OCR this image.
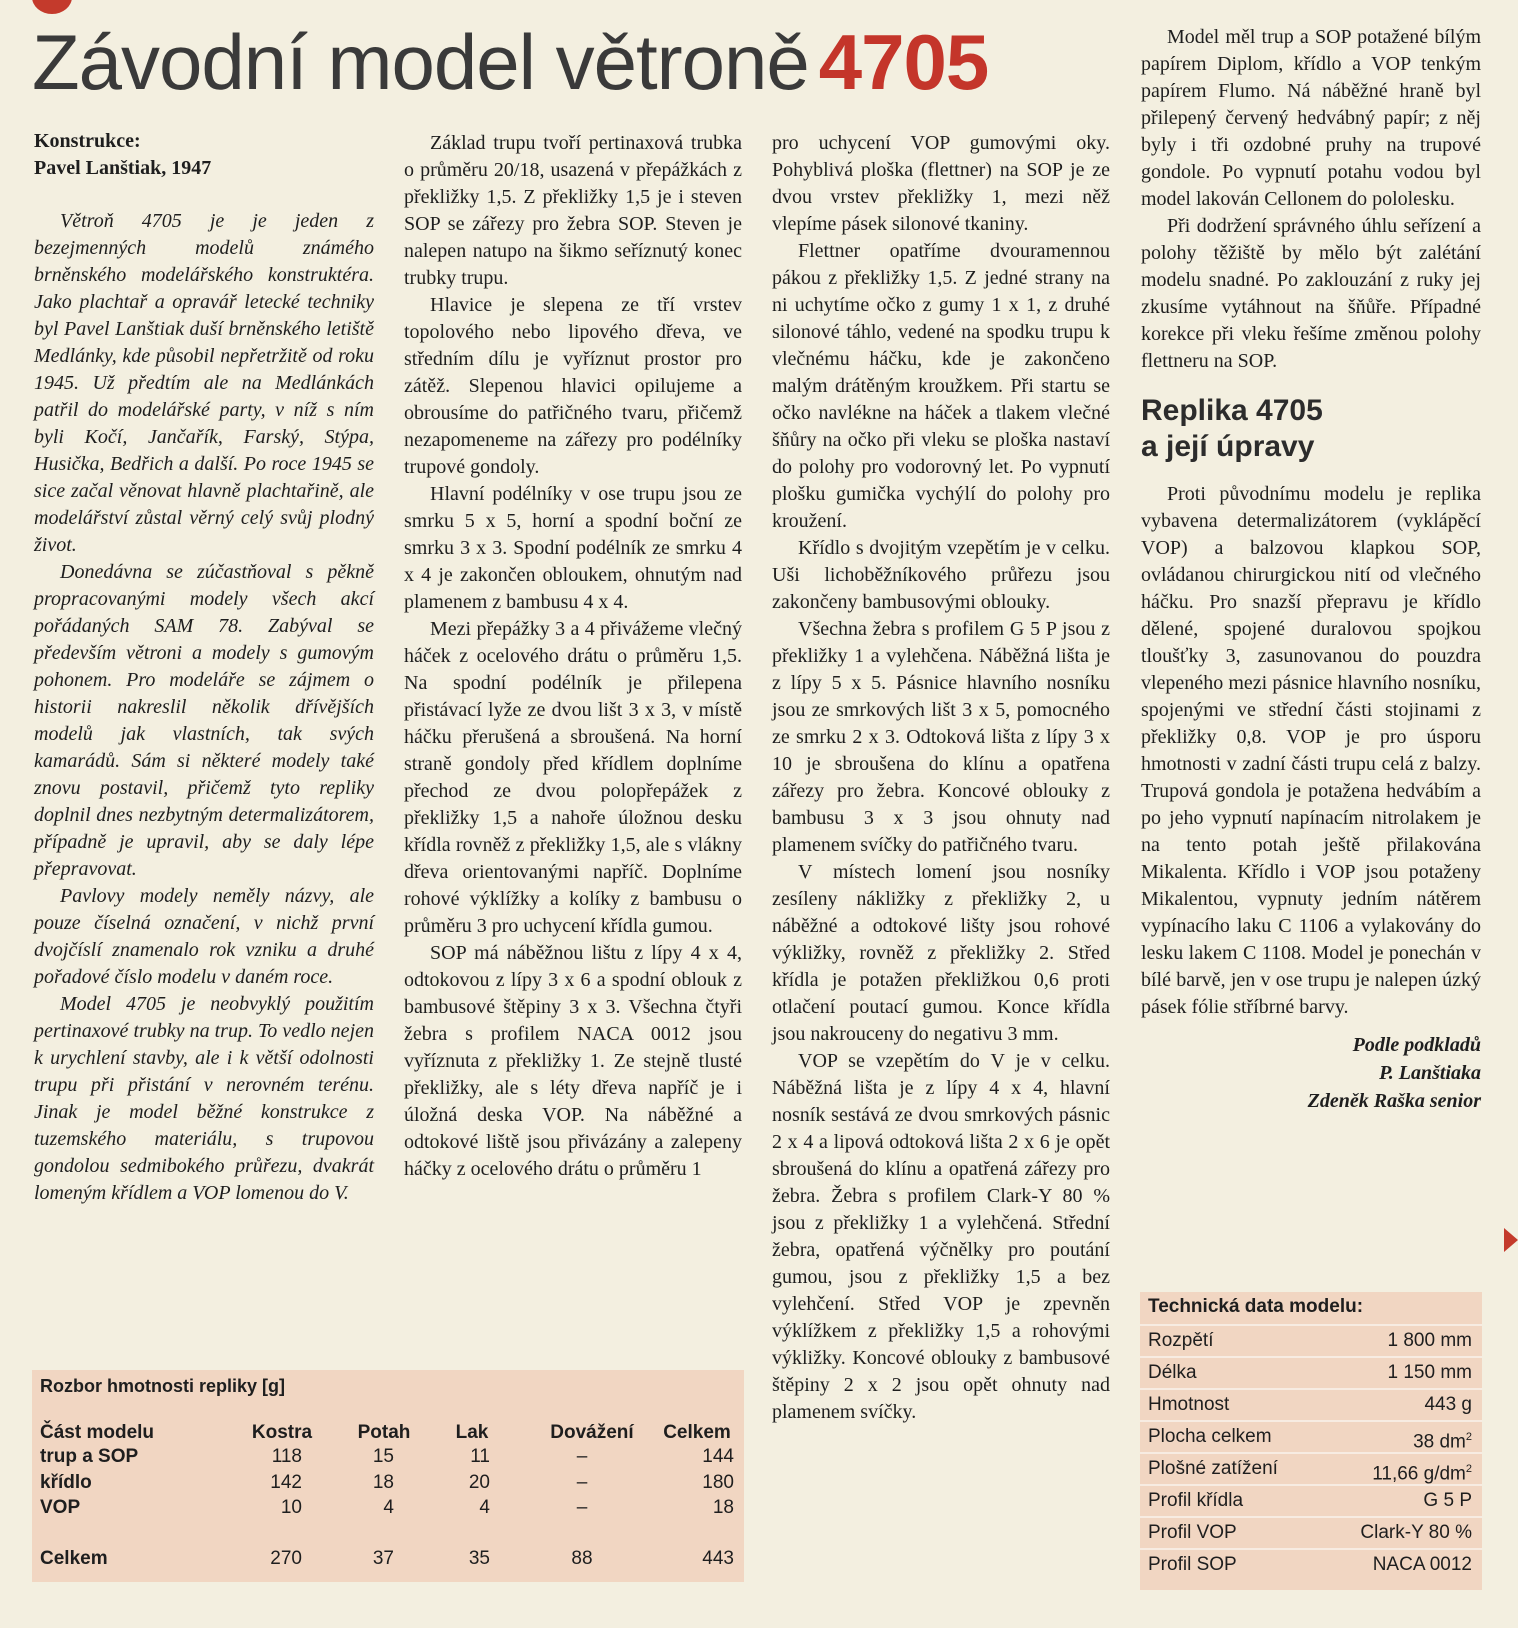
Závodní model větroně 4705
Konstrukce:
Pavel Lanštiak, 1947

Větroň 4705 je je jeden z bezejmenných modelů známého brněnského modelářského konstruktéra. Jako plachtař a opravář letecké techniky byl Pavel Lanštiak duší brněnského letiště Medlánky, kde působil nepřetržitě od roku 1945. Už předtím ale na Medlánkách patřil do modelářské party, v níž s ním byli Kočí, Jančařík, Farský, Stýpa, Husička, Bedřich a další. Po roce 1945 se sice začal věnovat hlavně plachtařině, ale modelářství zůstal věrný celý svůj plodný život.

Donedávna se zúčastňoval s pěkně propracovanými modely všech akcí pořádaných SAM 78. Zabýval se především větroni a modely s gumovým pohonem. Pro modeláře se zájmem o historii nakreslil několik dřívějších modelů jak vlastních, tak svých kamarádů. Sám si některé modely také znovu postavil, přičemž tyto repliky doplnil dnes nezbytným determalizátorem, případně je upravil, aby se daly lépe přepravovat.

Pavlovy modely neměly názvy, ale pouze číselná označení, v nichž první dvojčíslí znamenalo rok vzniku a druhé pořadové číslo modelu v daném roce.

Model 4705 je neobvyklý použitím pertinaxové trubky na trup. To vedlo nejen k urychlení stavby, ale i k větší odolnosti trupu při přistání v nerovném terénu. Jinak je model běžné konstrukce z tuzemského materiálu, s trupovou gondolou sedmibokého průřezu, dvakrát lomeným křídlem a VOP lomenou do V.

Základ trupu tvoří pertinaxová trubka o průměru 20/18, usazená v přepážkách z překližky 1,5. Z překližky 1,5 je i steven SOP se zářezy pro žebra SOP. Steven je nalepen natupo na šikmo seříznutý konec trubky trupu.

Hlavice je slepena ze tří vrstev topolového nebo lipového dřeva, ve středním dílu je vyříznut prostor pro zátěž. Slepenou hlavici opilujeme a obrousíme do patřičného tvaru, přičemž nezapomeneme na zářezy pro podélníky trupové gondoly.

Hlavní podélníky v ose trupu jsou ze smrku 5 x 5, horní a spodní boční ze smrku 3 x 3. Spodní podélník ze smrku 4 x 4 je zakončen obloukem, ohnutým nad plamenem z bambusu 4 x 4.

Mezi přepážky 3 a 4 přivážeme vlečný háček z ocelového drátu o průměru 1,5. Na spodní podélník je přilepena přistávací lyže ze dvou lišt 3 x 3, v místě háčku přerušená a sbroušená. Na horní straně gondoly před křídlem doplníme přechod ze dvou polopřepážek z překližky 1,5 a nahoře úložnou desku křídla rovněž z překližky 1,5, ale s vlákny dřeva orientovanými napříč. Doplníme rohové výklížky a kolíky z bambusu o průměru 3 pro uchycení křídla gumou.

SOP má náběžnou lištu z lípy 4 x 4, odtokovou z lípy 3 x 6 a spodní oblouk z bambusové štěpiny 3 x 3. Všechna čtyři žebra s profilem NACA 0012 jsou vyříznuta z překližky 1. Ze stejně tlusté překližky, ale s léty dřeva napříč je i úložná deska VOP. Na náběžné a odtokové liště jsou přivázány a zalepeny háčky z ocelového drátu o průměru 1

pro uchycení VOP gumovými oky. Pohyblivá ploška (flettner) na SOP je ze dvou vrstev překližky 1, mezi něž vlepíme pásek silonové tkaniny.

Flettner opatříme dvouramennou pákou z překližky 1,5. Z jedné strany na ni uchytíme očko z gumy 1 x 1, z druhé silonové táhlo, vedené na spodku trupu k vlečnému háčku, kde je zakončeno malým drátěným kroužkem. Při startu se očko navlékne na háček a tlakem vlečné šňůry na očko při vleku se ploška nastaví do polohy pro vodorovný let. Po vypnutí plošku gumička vychýlí do polohy pro kroužení.

Křídlo s dvojitým vzepětím je v celku. Uši lichoběžníkového průřezu jsou zakončeny bambusovými oblouky.

Všechna žebra s profilem G 5 P jsou z překližky 1 a vylehčena. Náběžná lišta je z lípy 5 x 5. Pásnice hlavního nosníku jsou ze smrkových lišt 3 x 5, pomocného ze smrku 2 x 3. Odtoková lišta z lípy 3 x 10 je sbroušena do klínu a opatřena zářezy pro žebra. Koncové oblouky z bambusu 3 x 3 jsou ohnuty nad plamenem svíčky do patřičného tvaru.

V místech lomení jsou nosníky zesíleny nákližky z překližky 2, u náběžné a odtokové lišty jsou rohové výkližky, rovněž z překližky 2. Střed křídla je potažen překližkou 0,6 proti otlačení poutací gumou. Konce křídla jsou nakrouceny do negativu 3 mm.

VOP se vzepětím do V je v celku. Náběžná lišta je z lípy 4 x 4, hlavní nosník sestává ze dvou smrkových pásnic 2 x 4 a lipová odtoková lišta 2 x 6 je opět sbroušená do klínu a opatřená zářezy pro žebra. Žebra s profilem Clark-Y 80 % jsou z překližky 1 a vylehčená. Střední žebra, opatřená výčnělky pro poutání gumou, jsou z překližky 1,5 a bez vylehčení. Střed VOP je zpevněn výklížkem z překližky 1,5 a rohovými výkližky. Koncové oblouky z bambusové štěpiny 2 x 2 jsou opět ohnuty nad plamenem svíčky.

Model měl trup a SOP potažené bílým papírem Diplom, křídlo a VOP tenkým papírem Flumo. Ná náběžné hraně byl přilepený červený hedvábný papír; z něj byly i tři ozdobné pruhy na trupové gondole. Po vypnutí potahu vodou byl model lakován Cellonem do pololesku.

Při dodržení správného úhlu seřízení a polohy těžiště by mělo být zalétání modelu snadné. Po zaklouzání z ruky jej zkusíme vytáhnout na šňůře. Případné korekce při vleku řešíme změnou polohy flettneru na SOP.

Replika 4705
a její úpravy

Proti původnímu modelu je replika vybavena determalizátorem (vyklápěcí VOP) a balzovou klapkou SOP, ovládanou chirurgickou nití od vlečného háčku. Pro snazší přepravu je křídlo dělené, spojené duralovou spojkou tloušťky 3, zasunovanou do pouzdra vlepeného mezi pásnice hlavního nosníku, spojenými ve střední části stojinami z překližky 0,8. VOP je pro úsporu hmotnosti v zadní části trupu celá z balzy. Trupová gondola je potažena hedvábím a po jeho vypnutí napínacím nitrolakem je na tento potah ještě přilakována Mikalenta. Křídlo i VOP jsou potaženy Mikalentou, vypnuty jedním nátěrem vypínacího laku C 1106 a vylakovány do lesku lakem C 1108. Model je ponechán v bílé barvě, jen v ose trupu je nalepen úzký pásek fólie stříbrné barvy.

Podle podkladů
P. Lanštiaka
Zdeněk Raška senior
Rozbor hmotnosti repliky [g]
Část modelu	Kostra	Potah	Lak	Dovážení	Celkem
trup a SOP	118	15	11	–	144
křídlo	142	18	20	–	180
VOP	10	4	4	–	18
Celkem	270	37	35	88	443
Technická data modelu:
Rozpětí	1 800 mm
Délka	1 150 mm
Hmotnost	443 g
Plocha celkem	38 $dm^2$
Plošné zatížení	11,66 $g/dm^2$
Profil křídla	G 5 P
Profil VOP	Clark-Y 80 %
Profil SOP	NACA 0012
